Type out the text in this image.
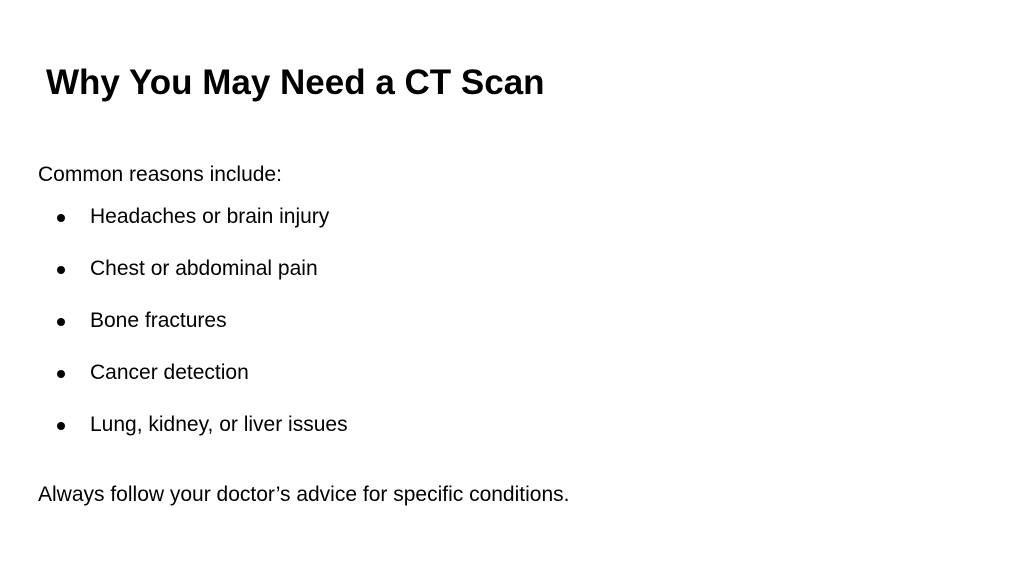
Why You May Need a CT Scan

Common reasons include:

Headaches or brain injury
Chest or abdominal pain
Bone fractures
Cancer detection
Lung, kidney, or liver issues

Always follow your doctor’s advice for specific conditions.
